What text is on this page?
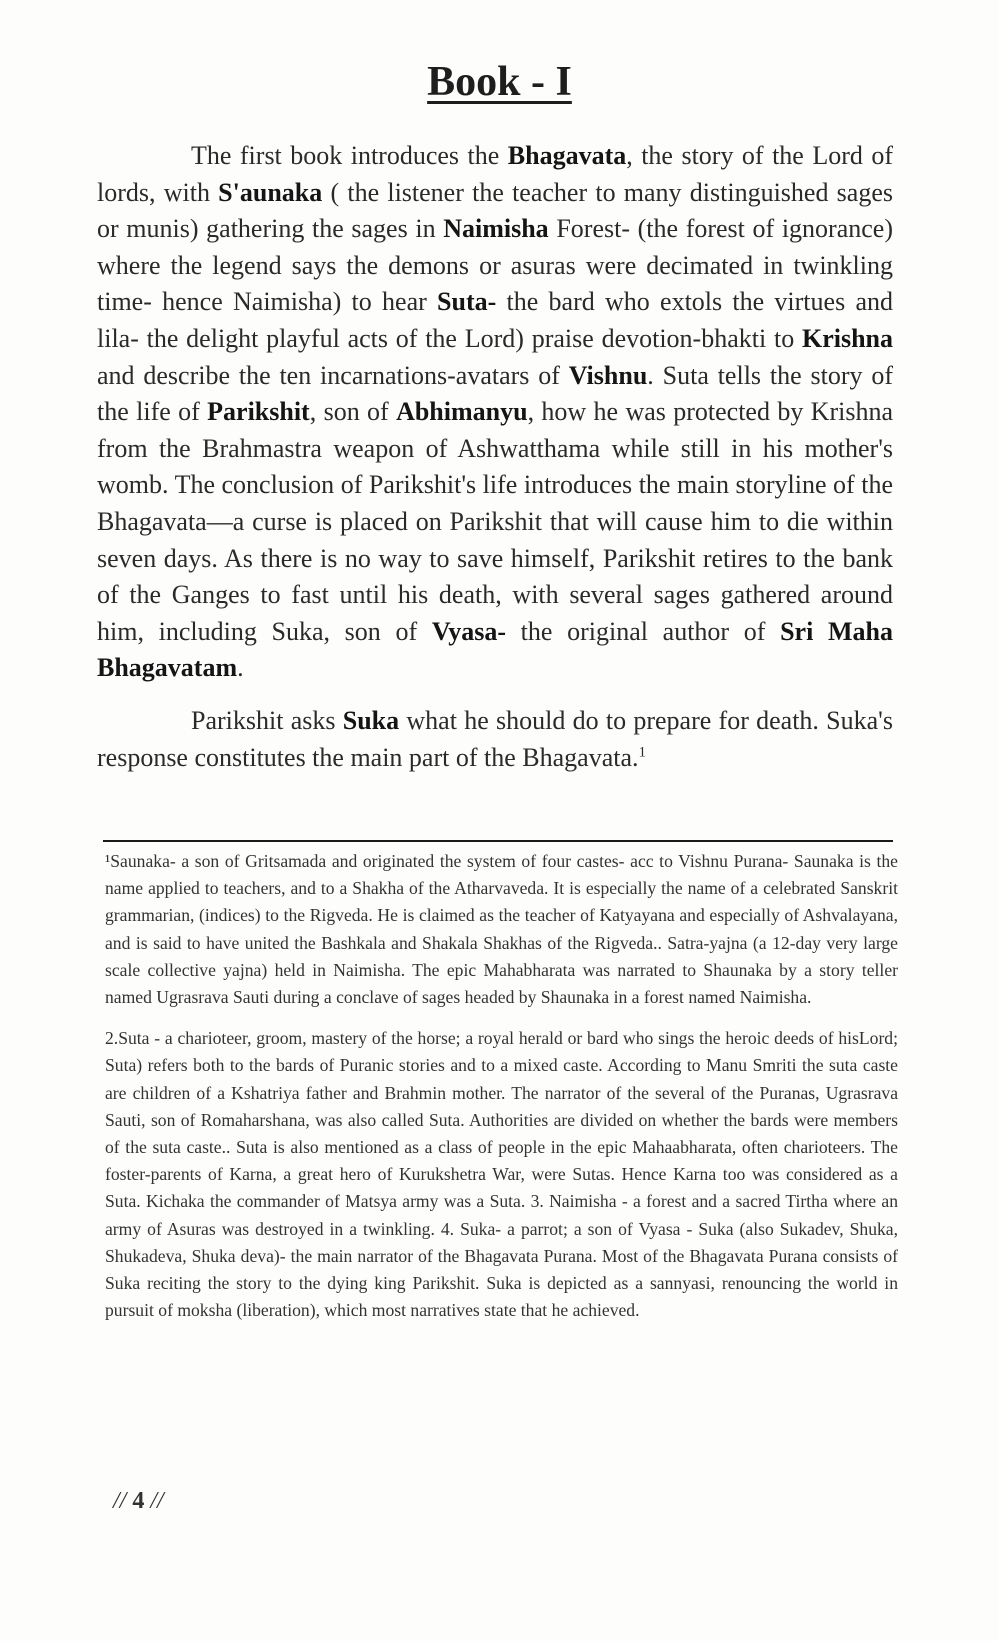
Book - I

The first book introduces the Bhagavata, the story of the Lord of lords, with S'aunaka ( the listener the teacher to many distinguished sages or munis) gathering the sages in Naimisha Forest- (the forest of ignorance) where the legend says the demons or asuras were decimated in twinkling time- hence Naimisha) to hear Suta- the bard who extols the virtues and lila- the delight playful acts of the Lord) praise devotion-bhakti to Krishna and describe the ten incarnations-avatars of Vishnu. Suta tells the story of the life of Parikshit, son of Abhimanyu, how he was protected by Krishna from the Brahmastra weapon of Ashwatthama while still in his mother's womb. The conclusion of Parikshit's life introduces the main storyline of the Bhagavata—a curse is placed on Parikshit that will cause him to die within seven days. As there is no way to save himself, Parikshit retires to the bank of the Ganges to fast until his death, with several sages gathered around him, including Suka, son of Vyasa- the original author of Sri Maha Bhagavatam.

Parikshit asks Suka what he should do to prepare for death. Suka's response constitutes the main part of the Bhagavata.$^1$

¹Saunaka- a son of Gritsamada and originated the system of four castes- acc to Vishnu Purana- Saunaka is the name applied to teachers, and to a Shakha of the Atharvaveda. It is especially the name of a celebrated Sanskrit grammarian, (indices) to the Rigveda. He is claimed as the teacher of Katyayana and especially of Ashvalayana, and is said to have united the Bashkala and Shakala Shakhas of the Rigveda.. Satra-yajna (a 12-day very large scale collective yajna) held in Naimisha. The epic Mahabharata was narrated to Shaunaka by a story teller named Ugrasrava Sauti during a conclave of sages headed by Shaunaka in a forest named Naimisha.

2.Suta - a charioteer, groom, mastery of the horse; a royal herald or bard who sings the heroic deeds of hisLord; Suta) refers both to the bards of Puranic stories and to a mixed caste. According to Manu Smriti the suta caste are children of a Kshatriya father and Brahmin mother. The narrator of the several of the Puranas, Ugrasrava Sauti, son of Romaharshana, was also called Suta. Authorities are divided on whether the bards were members of the suta caste.. Suta is also mentioned as a class of people in the epic Mahaabharata, often charioteers. The foster-parents of Karna, a great hero of Kurukshetra War, were Sutas. Hence Karna too was considered as a Suta. Kichaka the commander of Matsya army was a Suta. 3. Naimisha - a forest and a sacred Tirtha where an army of Asuras was destroyed in a twinkling. 4. Suka- a parrot; a son of Vyasa - Suka (also Sukadev, Shuka, Shukadeva, Shuka deva)- the main narrator of the Bhagavata Purana. Most of the Bhagavata Purana consists of Suka reciting the story to the dying king Parikshit. Suka is depicted as a sannyasi, renouncing the world in pursuit of moksha (liberation), which most narratives state that he achieved.

// 4 //
